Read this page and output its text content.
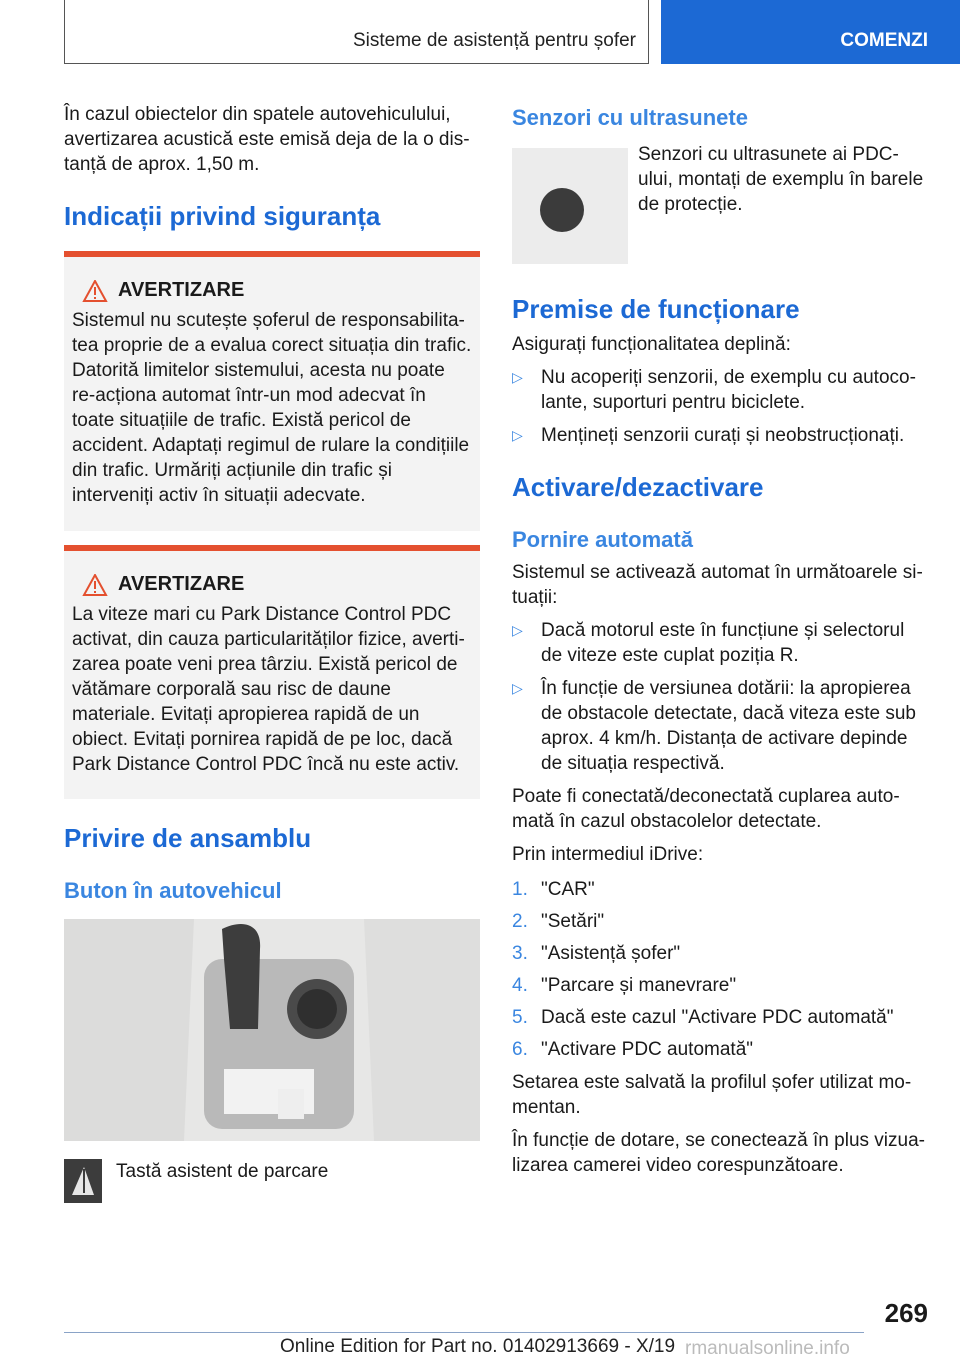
Sisteme de asistență pentru șofer	COMENZI

În cazul obiectelor din spatele autovehiculului, avertizarea acustică este emisă deja de la o dis‐tanță de aprox. 1,50 m.

Indicații privind siguranța
AVERTIZARE

Sistemul nu scutește șoferul de responsabilita‐tea proprie de a evalua corect situația din trafic. Datorită limitelor sistemului, acesta nu poate re‐acționa automat într-un mod adecvat în toate situațiile de trafic. Există pericol de accident. Adaptați regimul de rulare la condițiile din trafic. Urmăriți acțiunile din trafic și interveniți activ în situații adecvate.

AVERTIZARE

La viteze mari cu Park Distance Control PDC activat, din cauza particularităților fizice, averti‐zarea poate veni prea târziu. Există pericol de vătămare corporală sau risc de daune materiale. Evitați apropierea rapidă de un obiect. Evitați pornirea rapidă de pe loc, dacă Park Distance Control PDC încă nu este activ.

Privire de ansamblu
Buton în autovehicul
Tastă asistent de parcare
Senzori cu ultrasunete

Senzori cu ultrasunete ai PDC-ului, montați de exemplu în barele de protecție.

Premise de funcționare

Asigurați funcționalitatea deplină:

▷ Nu acoperiți senzorii, de exemplu cu autoco‐lante, suporturi pentru biciclete.
▷ Mențineți senzorii curați și neobstrucționați.
Activare/dezactivare
Pornire automată

Sistemul se activează automat în următoarele si‐tuații:

▷ Dacă motorul este în funcțiune și selectorul de viteze este cuplat poziția R.
▷ În funcție de versiunea dotării: la apropierea de obstacole detectate, dacă viteza este sub aprox. 4 km/h. Distanța de activare depinde de situația respectivă.

Poate fi conectată/deconectată cuplarea auto‐mată în cazul obstacolelor detectate.

Prin intermediul iDrive:

1. "CAR"
2. "Setări"
3. "Asistență șofer"
4. "Parcare și manevrare"
5. Dacă este cazul "Activare PDC automată"
6. "Activare PDC automată"

Setarea este salvată la profilul șofer utilizat mo‐mentan.

În funcție de dotare, se conectează în plus vizua‐lizarea camerei video corespunzătoare.

269
Online Edition for Part no. 01402913669 - X/19 rmanualsonline.info
